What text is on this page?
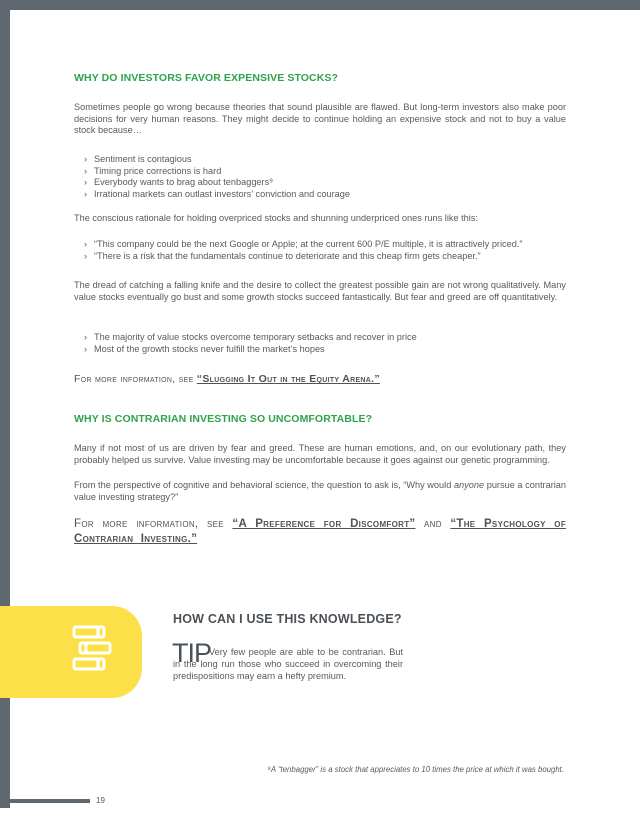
WHY DO INVESTORS FAVOR EXPENSIVE STOCKS?

Sometimes people go wrong because theories that sound plausible are flawed. But long-term investors also make poor decisions for very human reasons. They might decide to continue holding an expensive stock and not to buy a value stock because…

› Sentiment is contagious
› Timing price corrections is hard
› Everybody wants to brag about tenbaggers⁹
› Irrational markets can outlast investors’ conviction and courage

The conscious rationale for holding overpriced stocks and shunning underpriced ones runs like this:

› “This company could be the next Google or Apple; at the current 600 P/E multiple, it is attractively priced.”
› “There is a risk that the fundamentals continue to deteriorate and this cheap firm gets cheaper.”

The dread of catching a falling knife and the desire to collect the greatest possible gain are not wrong qualitatively. Many value stocks eventually go bust and some growth stocks succeed fantastically. But fear and greed are off quantitatively.

› The majority of value stocks overcome temporary setbacks and recover in price
› Most of the growth stocks never fulfill the market’s hopes
For more information, see “Slugging It Out in the Equity Arena.”
WHY IS CONTRARIAN INVESTING SO UNCOMFORTABLE?

Many if not most of us are driven by fear and greed. These are human emotions, and, on our evolutionary path, they probably helped us survive. Value investing may be uncomfortable because it goes against our genetic programming.

From the perspective of cognitive and behavioral science, the question to ask is, “Why would anyone pursue a contrarian value investing strategy?”

For more information, see “A Preference for Discomfort” and “The Psychology of Contrarian Investing.”
HOW CAN I USE THIS KNOWLEDGE?
TIP

Very few people are able to be contrarian. But in the long run those who succeed in overcoming their predispositions may earn a hefty premium.

⁹A “tenbagger” is a stock that appreciates to 10 times the price at which it was bought.
19
